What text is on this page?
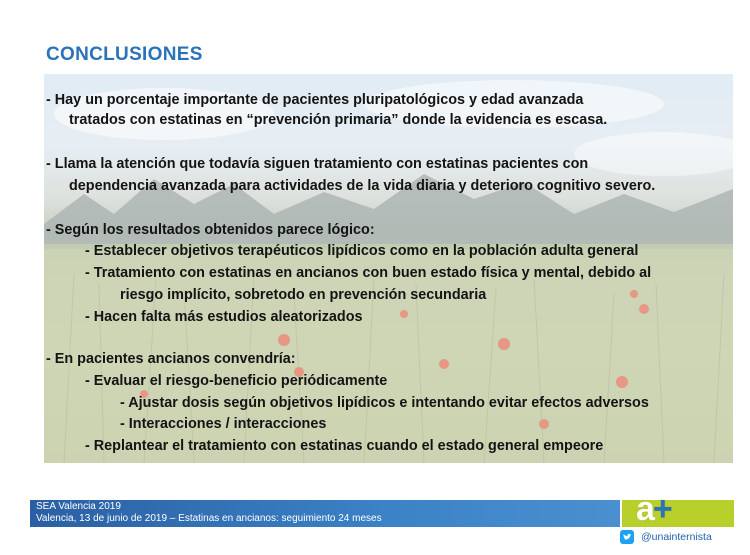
CONCLUSIONES
- Hay un porcentaje importante de pacientes pluripatológicos y edad avanzada
tratados con estatinas en “prevención primaria” donde la evidencia es escasa.
- Llama la atención que todavía siguen tratamiento con estatinas pacientes con
dependencia avanzada para actividades de la vida diaria y deterioro cognitivo severo.
- Según los resultados obtenidos parece lógico:
- Establecer objetivos terapéuticos lipídicos como en la población adulta general
- Tratamiento con estatinas en ancianos con buen estado física y mental, debido al
riesgo implícito, sobretodo en prevención secundaria
- Hacen falta más estudios aleatorizados
- En pacientes ancianos convendría:
- Evaluar el riesgo-beneficio periódicamente
- Ajustar dosis según objetivos lipídicos e intentando evitar efectos adversos
- Interacciones / interacciones
- Replantear el tratamiento con estatinas cuando el estado general empeore
SEA Valencia 2019
Valencia, 13 de junio de 2019 – Estatinas en ancianos: seguimiento 24 meses	a+
@unainternista
